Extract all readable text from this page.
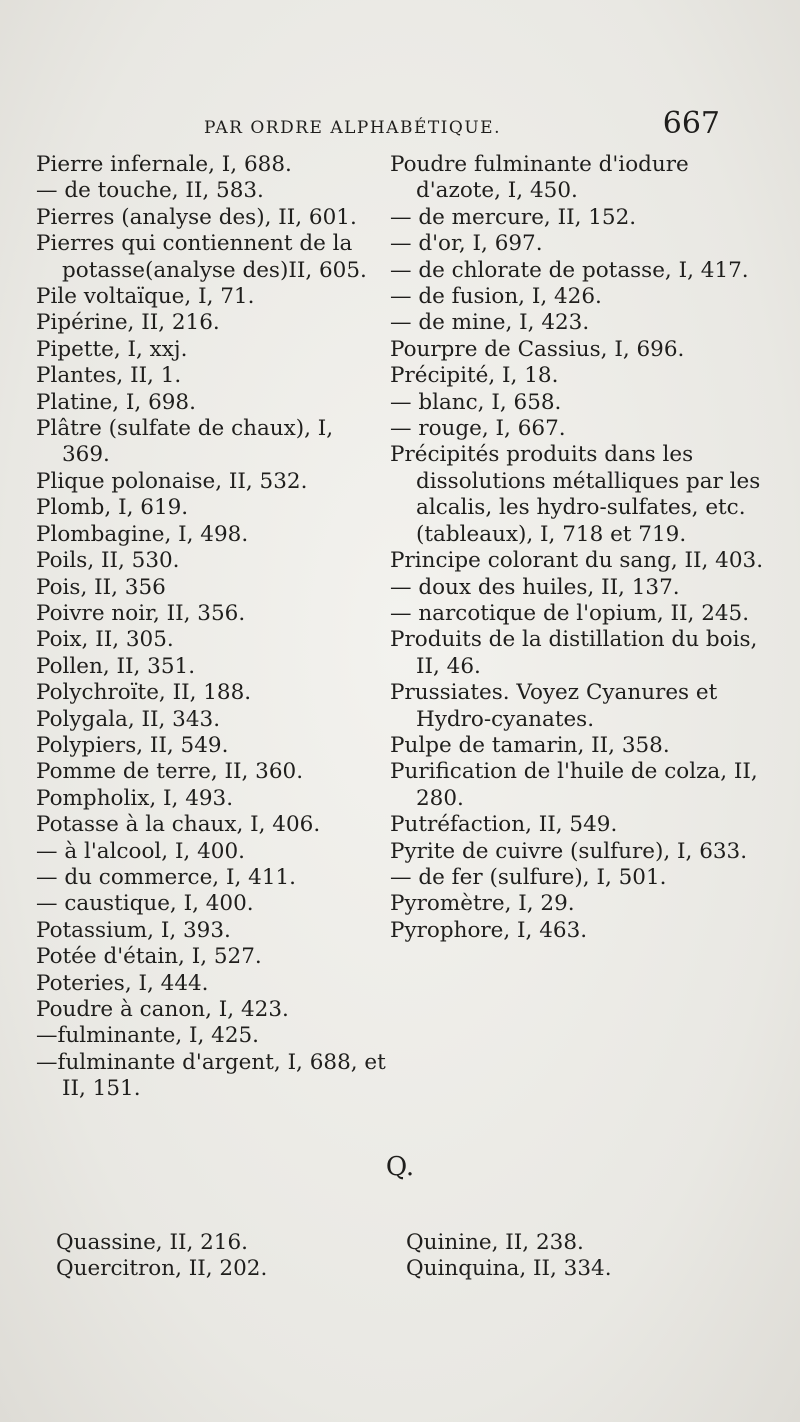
PAR ORDRE ALPHABÉTIQUE.	667
Pierre infernale, I, 688.
— de touche, II, 583.
Pierres (analyse des), II, 601.
Pierres qui contiennent de la potasse(analyse des)II, 605.
Pile voltaïque, I, 71.
Pipérine, II, 216.
Pipette, I, xxj.
Plantes, II, 1.
Platine, I, 698.
Plâtre (sulfate de chaux), I, 369.
Plique polonaise, II, 532.
Plomb, I, 619.
Plombagine, I, 498.
Poils, II, 530.
Pois, II, 356
Poivre noir, II, 356.
Poix, II, 305.
Pollen, II, 351.
Polychroïte, II, 188.
Polygala, II, 343.
Polypiers, II, 549.
Pomme de terre, II, 360.
Pompholix, I, 493.
Potasse à la chaux, I, 406.
— à l'alcool, I, 400.
— du commerce, I, 411.
— caustique, I, 400.
Potassium, I, 393.
Potée d'étain, I, 527.
Poteries, I, 444.
Poudre à canon, I, 423.
—fulminante, I, 425.
—fulminante d'argent, I, 688, et II, 151.
Poudre fulminante d'iodure d'azote, I, 450.
— de mercure, II, 152.
— d'or, I, 697.
— de chlorate de potasse, I, 417.
— de fusion, I, 426.
— de mine, I, 423.
Pourpre de Cassius, I, 696.
Précipité, I, 18.
— blanc, I, 658.
— rouge, I, 667.
Précipités produits dans les dissolutions métalliques par les alcalis, les hydro-sulfates, etc. (tableaux), I, 718 et 719.
Principe colorant du sang, II, 403.
— doux des huiles, II, 137.
— narcotique de l'opium, II, 245.
Produits de la distillation du bois, II, 46.
Prussiates. Voyez Cyanures et Hydro-cyanates.
Pulpe de tamarin, II, 358.
Purification de l'huile de colza, II, 280.
Putréfaction, II, 549.
Pyrite de cuivre (sulfure), I, 633.
— de fer (sulfure), I, 501.
Pyromètre, I, 29.
Pyrophore, I, 463.
Q.
Quassine, II, 216.
Quercitron, II, 202.
Quinine, II, 238.
Quinquina, II, 334.
